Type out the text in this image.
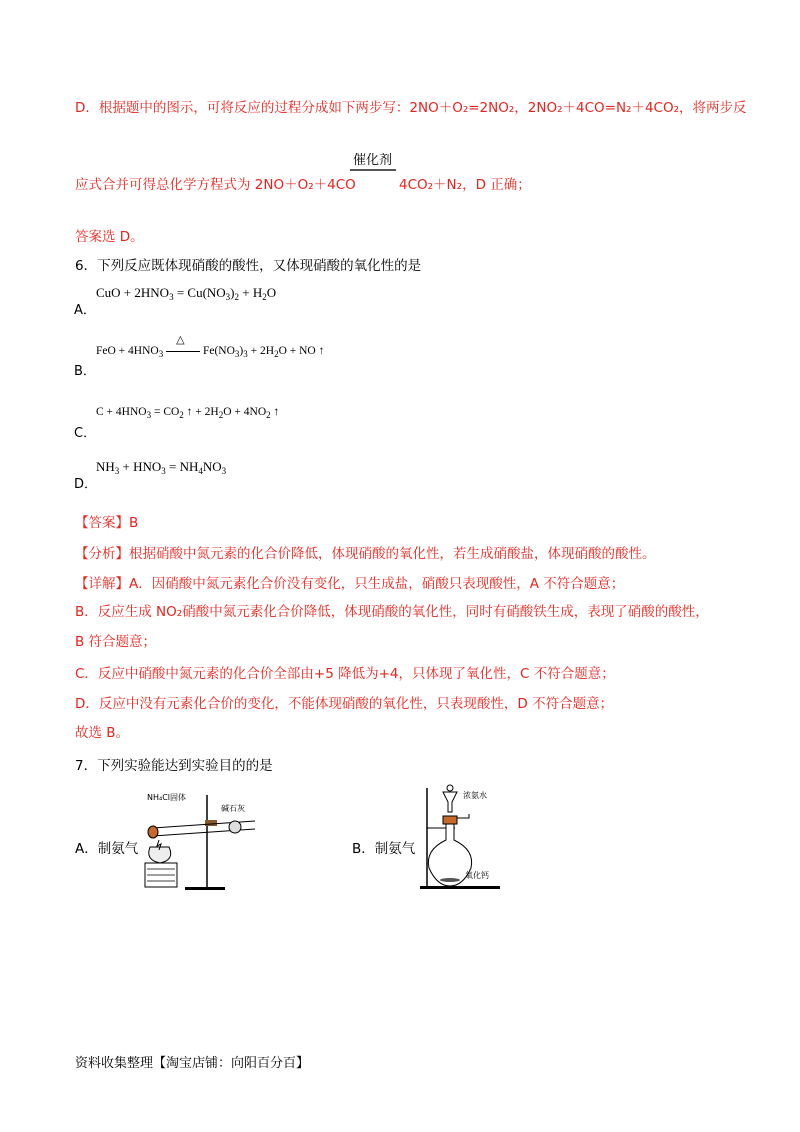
D．根据题中的图示，可将反应的过程分成如下两步写：2NO＋O₂=2NO₂，2NO₂＋4CO=N₂＋4CO₂，将两步反
催化剂
应式合并可得总化学方程式为 2NO＋O₂＋4CO	4CO₂＋N₂，D 正确；
答案选 D。
6．下列反应既体现硝酸的酸性，又体现硝酸的氧化性的是
A．
CuO + $2HNO_3 = Cu(NO_3)_2 + H_2O$
B．
FeO + $4HNO_3$
△
$Fe(NO_3)_3 + 2H_2O$ + NO ↑
C．
$C + 4HNO_3 = CO_2$ ↑ + $2H_2O + 4NO_2$ ↑
D．
$NH_3 + HNO_3 = NH_4NO_3$
【答案】B
【分析】根据硝酸中氮元素的化合价降低，体现硝酸的氧化性，若生成硝酸盐，体现硝酸的酸性。
【详解】A．因硝酸中氮元素化合价没有变化，只生成盐，硝酸只表现酸性，A 不符合题意；
B．反应生成 NO₂硝酸中氮元素化合价降低，体现硝酸的氧化性，同时有硝酸铁生成，表现了硝酸的酸性，
B 符合题意；
C．反应中硝酸中氮元素的化合价全部由+5 降低为+4，只体现了氧化性，C 不符合题意；
D．反应中没有元素化合价的变化，不能体现硝酸的氧化性，只表现酸性，D 不符合题意；
故选 B。
7．下列实验能达到实验目的的是
A．制氨气	B．制氨气
NH₄Cl固体
碱石灰
浓氨水
氧化钙
资料收集整理【淘宝店铺：向阳百分百】
